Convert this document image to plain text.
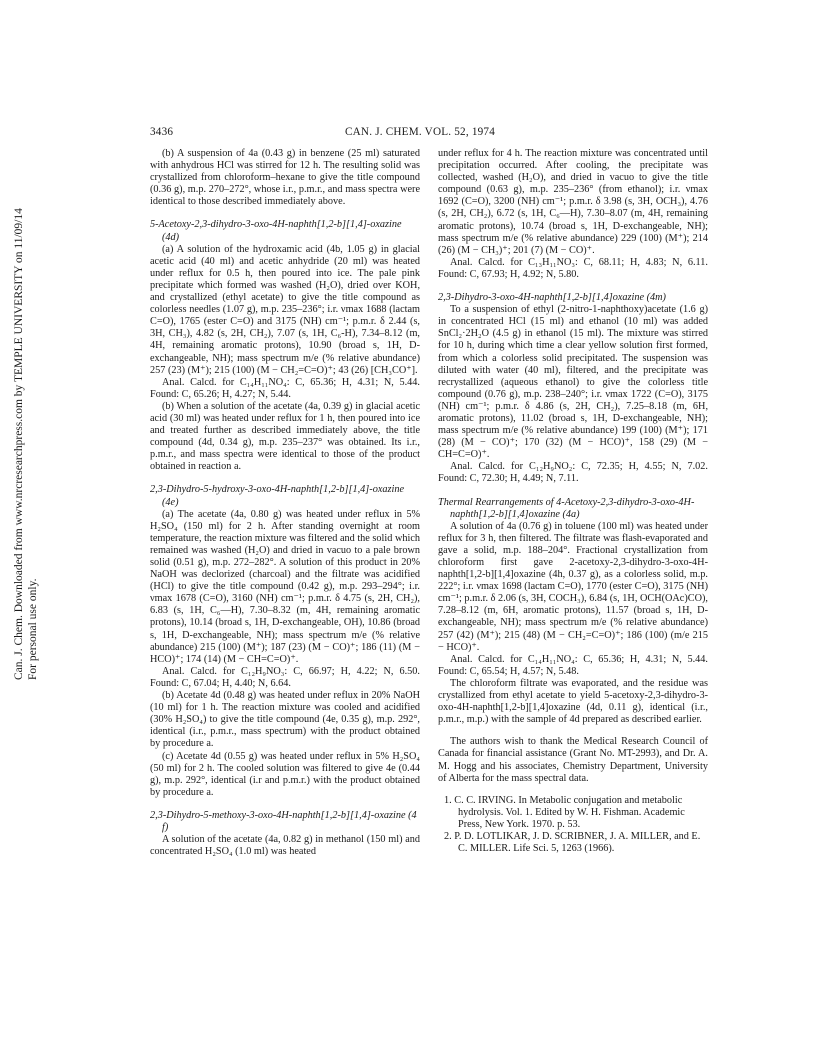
3436	CAN. J. CHEM. VOL. 52, 1974
Can. J. Chem. Downloaded from www.nrcresearchpress.com by TEMPLE UNIVERSITY on 11/09/14
For personal use only.

(b) A suspension of 4a (0.43 g) in benzene (25 ml) saturated with anhydrous HCl was stirred for 12 h. The resulting solid was crystallized from chloroform–hexane to give the title compound (0.36 g), m.p. 270–272°, whose i.r., p.m.r., and mass spectra were identical to those described immediately above.

5-Acetoxy-2,3-dihydro-3-oxo-4H-naphth[1,2-b][1,4]-oxazine (4d)

(a) A solution of the hydroxamic acid (4b, 1.05 g) in glacial acetic acid (40 ml) and acetic anhydride (20 ml) was heated under reflux for 0.5 h, then poured into ice. The pale pink precipitate which formed was washed (H₂O), dried over KOH, and crystallized (ethyl acetate) to give the title compound as colorless needles (1.07 g), m.p. 235–236°; i.r. νmax 1688 (lactam C=O), 1765 (ester C=O) and 3175 (NH) cm⁻¹; p.m.r. δ 2.44 (s, 3H, CH₃), 4.82 (s, 2H, CH₂), 7.07 (s, 1H, C₆-H), 7.34–8.12 (m, 4H, remaining aromatic protons), 10.90 (broad s, 1H, D-exchangeable, NH); mass spectrum m/e (% relative abundance) 257 (23) (M⁺); 215 (100) (M − CH₂=C=O)⁺; 43 (26) [CH₃CO⁺].

Anal. Calcd. for C₁₄H₁₁NO₄: C, 65.36; H, 4.31; N, 5.44. Found: C, 65.26; H, 4.27; N, 5.44.

(b) When a solution of the acetate (4a, 0.39 g) in glacial acetic acid (30 ml) was heated under reflux for 1 h, then poured into ice and treated further as described immediately above, the title compound (4d, 0.34 g), m.p. 235–237° was obtained. Its i.r., p.m.r., and mass spectra were identical to those of the product obtained in reaction a.

2,3-Dihydro-5-hydroxy-3-oxo-4H-naphth[1,2-b][1,4]-oxazine (4e)

(a) The acetate (4a, 0.80 g) was heated under reflux in 5% H₂SO₄ (150 ml) for 2 h. After standing overnight at room temperature, the reaction mixture was filtered and the solid which remained was washed (H₂O) and dried in vacuo to a pale brown solid (0.51 g), m.p. 272–282°. A solution of this product in 20% NaOH was declorized (charcoal) and the filtrate was acidified (HCl) to give the title compound (0.42 g), m.p. 293–294°; i.r. νmax 1678 (C=O), 3160 (NH) cm⁻¹; p.m.r. δ 4.75 (s, 2H, CH₂), 6.83 (s, 1H, C₆—H), 7.30–8.32 (m, 4H, remaining aromatic protons), 10.14 (broad s, 1H, D-exchangeable, OH), 10.86 (broad s, 1H, D-exchangeable, NH); mass spectrum m/e (% relative abundance) 215 (100) (M⁺); 187 (23) (M − CO)⁺; 186 (11) (M − HCO)⁺; 174 (14) (M − CH=C=O)⁺.

Anal. Calcd. for C₁₂H₉NO₃: C, 66.97; H, 4.22; N, 6.50. Found: C, 67.04; H, 4.40; N, 6.64.

(b) Acetate 4d (0.48 g) was heated under reflux in 20% NaOH (10 ml) for 1 h. The reaction mixture was cooled and acidified (30% H₂SO₄) to give the title compound (4e, 0.35 g), m.p. 292°, identical (i.r., p.m.r., mass spectrum) with the product obtained by procedure a.

(c) Acetate 4d (0.55 g) was heated under reflux in 5% H₂SO₄ (50 ml) for 2 h. The cooled solution was filtered to give 4e (0.44 g), m.p. 292°, identical (i.r and p.m.r.) with the product obtained by procedure a.

2,3-Dihydro-5-methoxy-3-oxo-4H-naphth[1,2-b][1,4]-oxazine (4 f)

A solution of the acetate (4a, 0.82 g) in methanol (150 ml) and concentrated H₂SO₄ (1.0 ml) was heated

under reflux for 4 h. The reaction mixture was concentrated until precipitation occurred. After cooling, the precipitate was collected, washed (H₂O), and dried in vacuo to give the title compound (0.63 g), m.p. 235–236° (from ethanol); i.r. νmax 1692 (C=O), 3200 (NH) cm⁻¹; p.m.r. δ 3.98 (s, 3H, OCH₃), 4.76 (s, 2H, CH₂), 6.72 (s, 1H, C₆—H), 7.30–8.07 (m, 4H, remaining aromatic protons), 10.74 (broad s, 1H, D-exchangeable, NH); mass spectrum m/e (% relative abundance) 229 (100) (M⁺); 214 (26) (M − CH₃)⁺; 201 (7) (M − CO)⁺.

Anal. Calcd. for C₁₃H₁₁NO₃: C, 68.11; H, 4.83; N, 6.11. Found: C, 67.93; H, 4.92; N, 5.80.

2,3-Dihydro-3-oxo-4H-naphth[1,2-b][1,4]oxazine (4m)

To a suspension of ethyl (2-nitro-1-naphthoxy)acetate (1.6 g) in concentrated HCl (15 ml) and ethanol (10 ml) was added SnCl₂·2H₂O (4.5 g) in ethanol (15 ml). The mixture was stirred for 10 h, during which time a clear yellow solution first formed, from which a colorless solid precipitated. The suspension was diluted with water (40 ml), filtered, and the precipitate was recrystallized (aqueous ethanol) to give the colorless title compound (0.76 g), m.p. 238–240°; i.r. νmax 1722 (C=O), 3175 (NH) cm⁻¹; p.m.r. δ 4.86 (s, 2H, CH₂), 7.25–8.18 (m, 6H, aromatic protons), 11.02 (broad s, 1H, D-exchangeable, NH); mass spectrum m/e (% relative abundance) 199 (100) (M⁺); 171 (28) (M − CO)⁺; 170 (32) (M − HCO)⁺, 158 (29) (M − CH=C=O)⁺.

Anal. Calcd. for C₁₂H₉NO₂: C, 72.35; H, 4.55; N, 7.02. Found: C, 72.30; H, 4.49; N, 7.11.

Thermal Rearrangements of 4-Acetoxy-2,3-dihydro-3-oxo-4H-naphth[1,2-b][1,4]oxazine (4a)

A solution of 4a (0.76 g) in toluene (100 ml) was heated under reflux for 3 h, then filtered. The filtrate was flash-evaporated and gave a solid, m.p. 188–204°. Fractional crystallization from chloroform first gave 2-acetoxy-2,3-dihydro-3-oxo-4H-naphth[1,2-b][1,4]oxazine (4h, 0.37 g), as a colorless solid, m.p. 222°; i.r. νmax 1698 (lactam C=O), 1770 (ester C=O), 3175 (NH) cm⁻¹; p.m.r. δ 2.06 (s, 3H, COCH₃), 6.84 (s, 1H, OCH(OAc)CO), 7.28–8.12 (m, 6H, aromatic protons), 11.57 (broad s, 1H, D-exchangeable, NH); mass spectrum m/e (% relative abundance) 257 (42) (M⁺); 215 (48) (M − CH₂=C=O)⁺; 186 (100) (m/e 215 − HCO)⁺.

Anal. Calcd. for C₁₄H₁₁NO₄: C, 65.36; H, 4.31; N, 5.44. Found: C, 65.54; H, 4.57; N, 5.48.

The chloroform filtrate was evaporated, and the residue was crystallized from ethyl acetate to yield 5-acetoxy-2,3-dihydro-3-oxo-4H-naphth[1,2-b][1,4]oxazine (4d, 0.11 g), identical (i.r., p.m.r., m.p.) with the sample of 4d prepared as described earlier.

The authors wish to thank the Medical Research Council of Canada for financial assistance (Grant No. MT-2993), and Dr. A. M. Hogg and his associates, Chemistry Department, University of Alberta for the mass spectral data.

1. C. C. IRVING. In Metabolic conjugation and metabolic hydrolysis. Vol. 1. Edited by W. H. Fishman. Academic Press, New York. 1970. p. 53.

2. P. D. LOTLIKAR, J. D. SCRIBNER, J. A. MILLER, and E. C. MILLER. Life Sci. 5, 1263 (1966).
